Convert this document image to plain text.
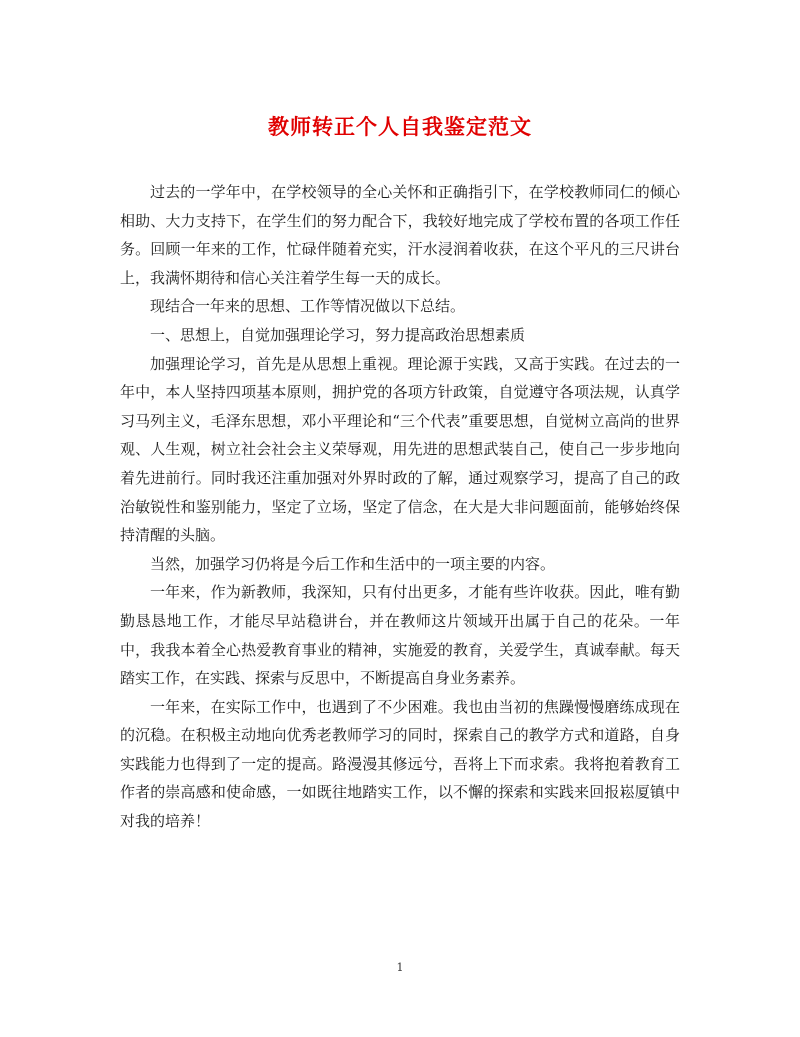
教师转正个人自我鉴定范文

过去的一学年中，在学校领导的全心关怀和正确指引下，在学校教师同仁的倾心相助、大力支持下，在学生们的努力配合下，我较好地完成了学校布置的各项工作任务。回顾一年来的工作，忙碌伴随着充实，汗水浸润着收获，在这个平凡的三尺讲台上，我满怀期待和信心关注着学生每一天的成长。

现结合一年来的思想、工作等情况做以下总结。

一、思想上，自觉加强理论学习，努力提高政治思想素质

加强理论学习，首先是从思想上重视。理论源于实践，又高于实践。在过去的一年中，本人坚持四项基本原则，拥护党的各项方针政策，自觉遵守各项法规，认真学习马列主义，毛泽东思想，邓小平理论和“三个代表”重要思想，自觉树立高尚的世界观、人生观，树立社会社会主义荣辱观，用先进的思想武装自己，使自己一步步地向着先进前行。同时我还注重加强对外界时政的了解，通过观察学习，提高了自己的政治敏锐性和鉴别能力，坚定了立场，坚定了信念，在大是大非问题面前，能够始终保持清醒的头脑。

当然，加强学习仍将是今后工作和生活中的一项主要的内容。

一年来，作为新教师，我深知，只有付出更多，才能有些许收获。因此，唯有勤勤恳恳地工作，才能尽早站稳讲台，并在教师这片领域开出属于自己的花朵。一年中，我我本着全心热爱教育事业的精神，实施爱的教育，关爱学生，真诚奉献。每天踏实工作，在实践、探索与反思中，不断提高自身业务素养。

一年来，在实际工作中，也遇到了不少困难。我也由当初的焦躁慢慢磨练成现在的沉稳。在积极主动地向优秀老教师学习的同时，探索自己的教学方式和道路，自身实践能力也得到了一定的提高。路漫漫其修远兮，吾将上下而求索。我将抱着教育工作者的崇高感和使命感，一如既往地踏实工作，以不懈的探索和实践来回报崧厦镇中对我的培养！

1
